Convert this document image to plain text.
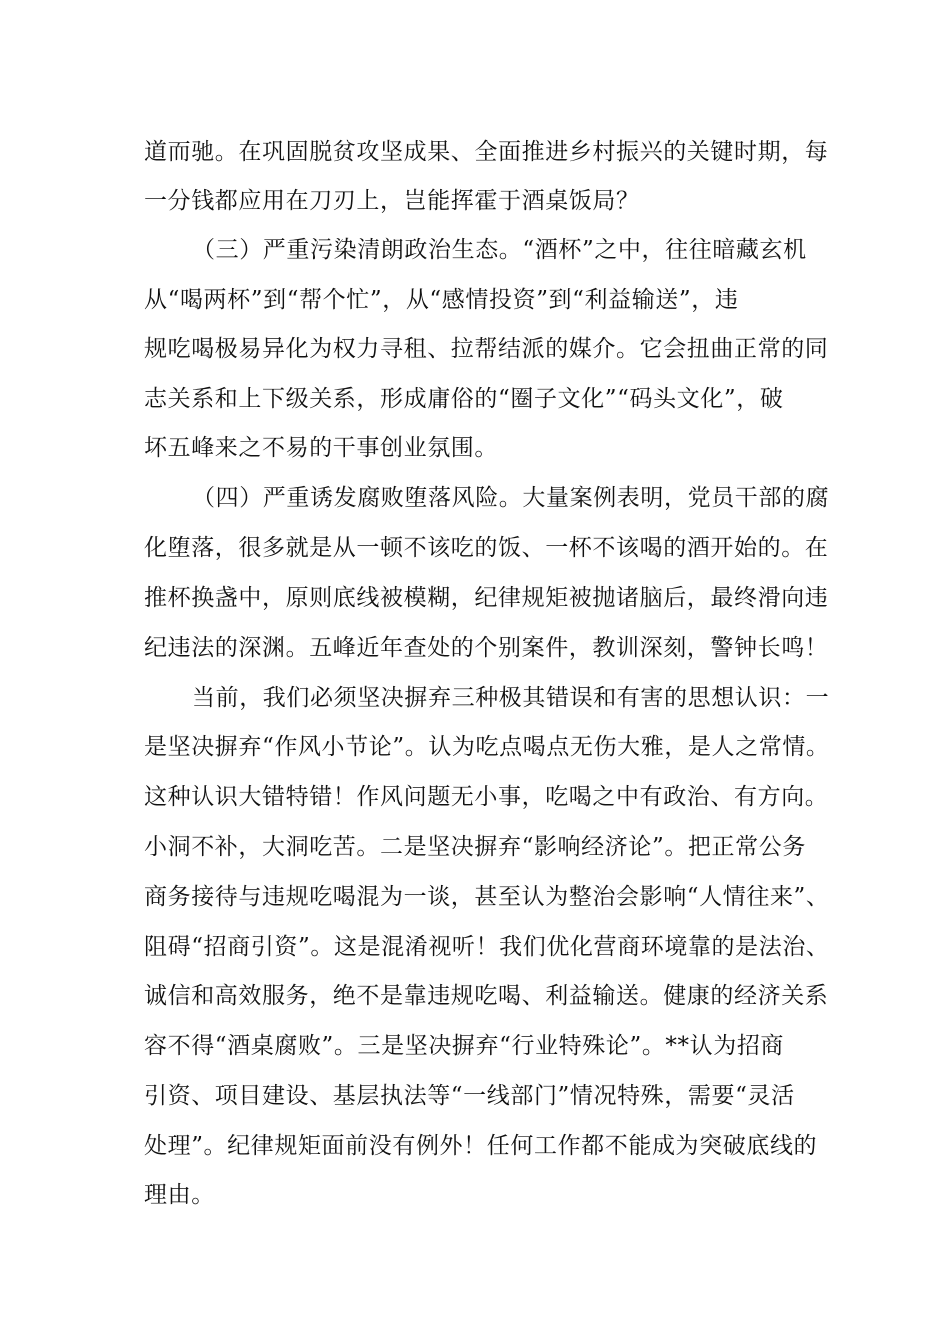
道而驰。在巩固脱贫攻坚成果、全面推进乡村振兴的关键时期，每
一分钱都应用在刀刃上，岂能挥霍于酒桌饭局？
（三）严重污染清朗政治生态。“酒杯”之中，往往暗藏玄机
从“喝两杯”到“帮个忙”，从“感情投资”到“利益输送”，违
规吃喝极易异化为权力寻租、拉帮结派的媒介。它会扭曲正常的同
志关系和上下级关系，形成庸俗的“圈子文化”“码头文化”，破
坏五峰来之不易的干事创业氛围。
（四）严重诱发腐败堕落风险。大量案例表明，党员干部的腐
化堕落，很多就是从一顿不该吃的饭、一杯不该喝的酒开始的。在
推杯换盏中，原则底线被模糊，纪律规矩被抛诸脑后，最终滑向违
纪违法的深渊。五峰近年查处的个别案件，教训深刻，警钟长鸣！
当前，我们必须坚决摒弃三种极其错误和有害的思想认识：一
是坚决摒弃“作风小节论”。认为吃点喝点无伤大雅，是人之常情。
这种认识大错特错！作风问题无小事，吃喝之中有政治、有方向。
小洞不补，大洞吃苦。二是坚决摒弃“影响经济论”。把正常公务
商务接待与违规吃喝混为一谈，甚至认为整治会影响“人情往来”、
阻碍“招商引资”。这是混淆视听！我们优化营商环境靠的是法治、
诚信和高效服务，绝不是靠违规吃喝、利益输送。健康的经济关系
容不得“酒桌腐败”。三是坚决摒弃“行业特殊论”。**认为招商
引资、项目建设、基层执法等“一线部门”情况特殊，需要“灵活
处理”。纪律规矩面前没有例外！任何工作都不能成为突破底线的
理由。
